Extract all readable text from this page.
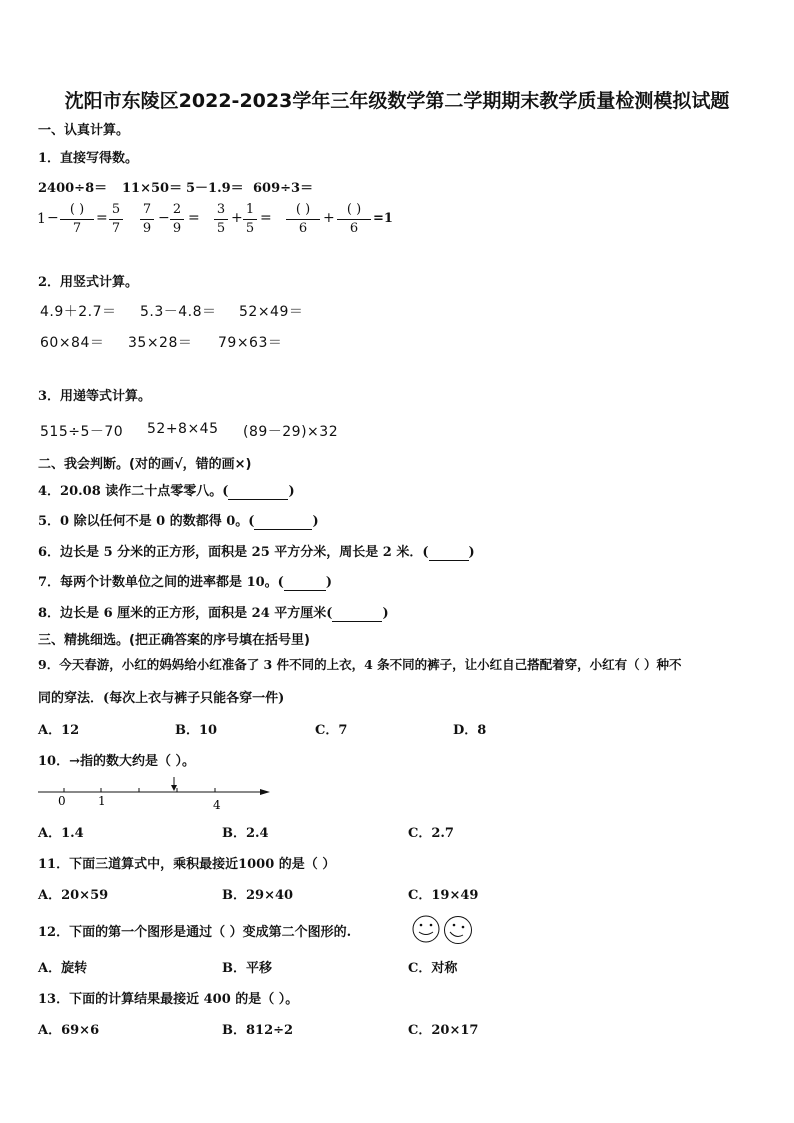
沈阳市东陵区2022-2023学年三年级数学第二学期期末教学质量检测模拟试题
一、认真计算。
1．直接写得数。
2400÷8＝ 11×50＝ 5－1.9＝ 609÷3＝
1 −
( )
7
= $\frac{5}{7} \frac{7}{9} - \frac{2}{9} = \frac{3}{5} + \frac{1}{5}$ =
( )
6
+
( )
6
=1
2．用竖式计算。
4.9＋2.7＝ 5.3－4.8＝ 52×49＝
60×84＝ 35×28＝ 79×63＝
3．用递等式计算。
515÷5－70 52+8×45 (89－29)×32
二、我会判断。(对的画√，错的画×)
4．20.08 读作二十点零零八。(	)
5．0 除以任何不是 0 的数都得 0。(	)
6．边长是 5 分米的正方形，面积是 25 平方分米，周长是 2 米．(	)
7．每两个计数单位之间的进率都是 10。(	)
8．边长是 6 厘米的正方形，面积是 24 平方厘米(	)
三、精挑细选。(把正确答案的序号填在括号里)
9．今天春游，小红的妈妈给小红准备了 3 件不同的上衣，4 条不同的裤子，让小红自己搭配着穿，小红有（ ）种不
同的穿法．(每次上衣与裤子只能各穿一件)
A．12	B．10	C．7	D．8
10．→指的数大约是（ ）。
0	1	4
A．1.4	B．2.4	C．2.7
11．下面三道算式中，乘积最接近1000 的是（ ）
A．20×59	B．29×40	C．19×49
12．下面的第一个图形是通过（ ）变成第二个图形的.
A．旋转	B．平移	C．对称
13．下面的计算结果最接近 400 的是（ ）。
A．69×6	B．812÷2	C．20×17
